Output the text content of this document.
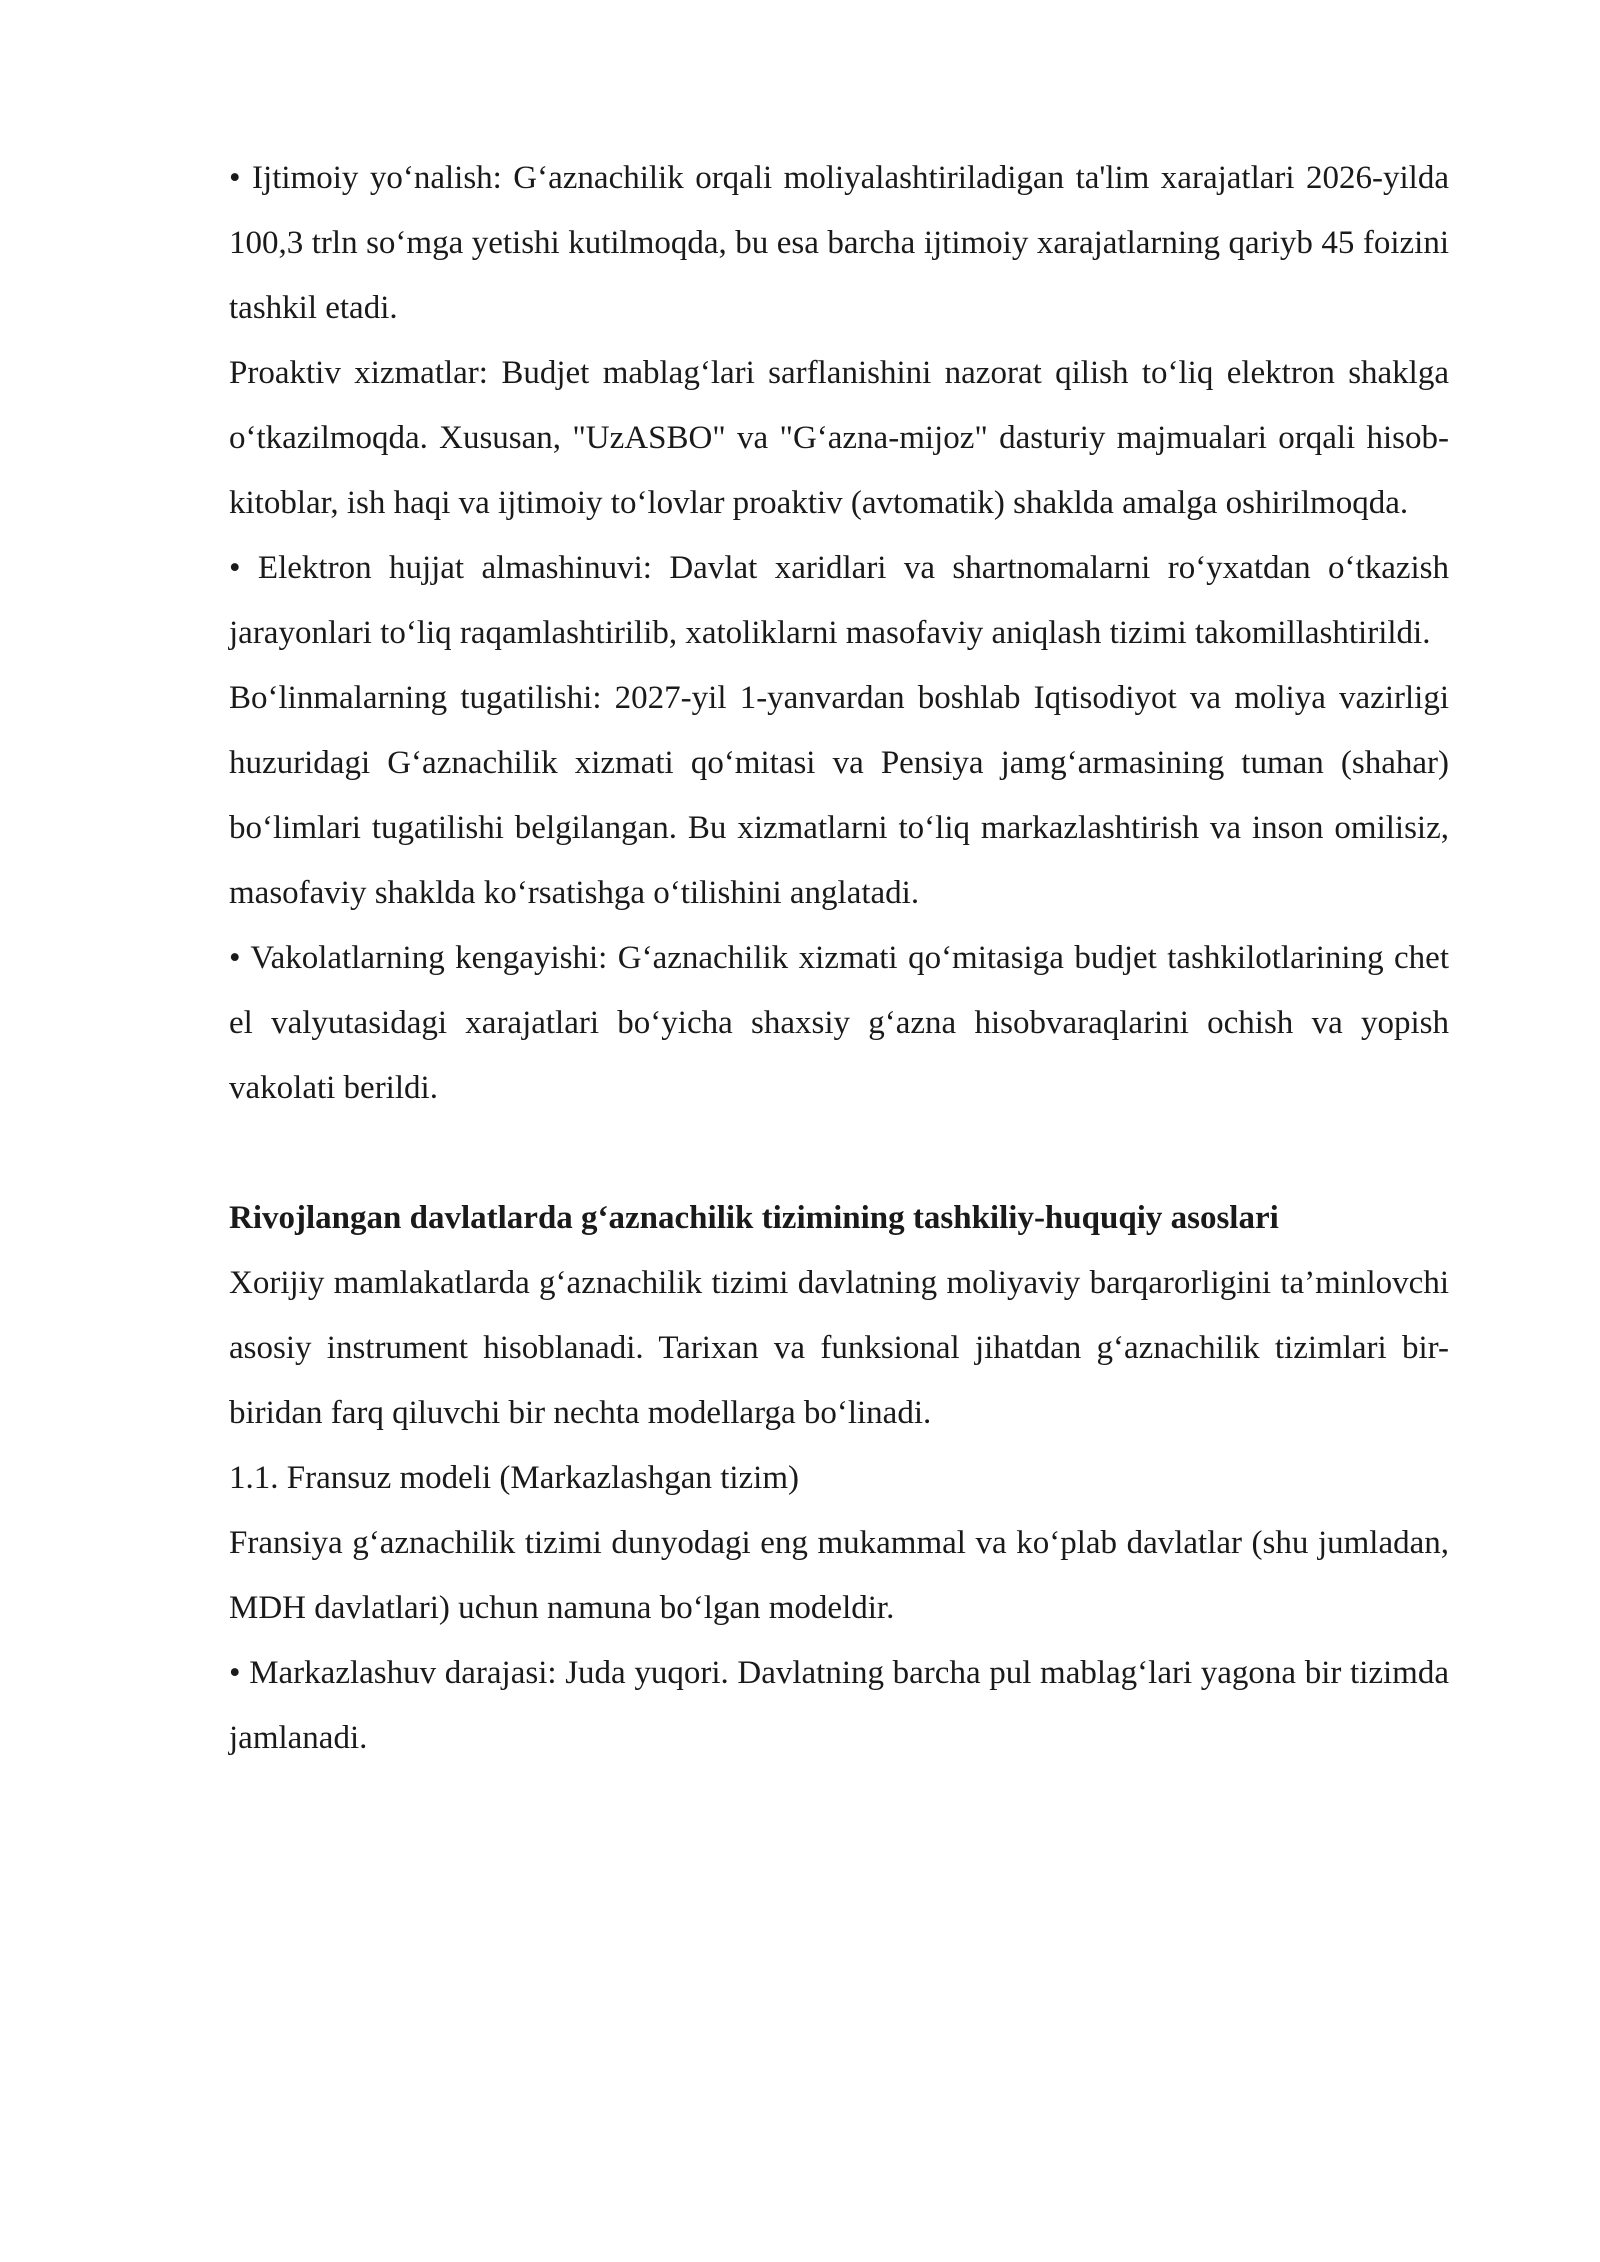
• Ijtimoiy yo‘nalish: G‘aznachilik orqali moliyalashtiriladigan ta'lim xarajatlari 2026-yilda 100,3 trln so‘mga yetishi kutilmoqda, bu esa barcha ijtimoiy xarajatlarning qariyb 45 foizini tashkil etadi.

Proaktiv xizmatlar: Budjet mablag‘lari sarflanishini nazorat qilish to‘liq elektron shaklga o‘tkazilmoqda. Xususan, "UzASBO" va "G‘azna-mijoz" dasturiy majmualari orqali hisob-kitoblar, ish haqi va ijtimoiy to‘lovlar proaktiv (avtomatik) shaklda amalga oshirilmoqda.

• Elektron hujjat almashinuvi: Davlat xaridlari va shartnomalarni ro‘yxatdan o‘tkazish jarayonlari to‘liq raqamlashtirilib, xatoliklarni masofaviy aniqlash tizimi takomillashtirildi.

Bo‘linmalarning tugatilishi: 2027-yil 1-yanvardan boshlab Iqtisodiyot va moliya vazirligi huzuridagi G‘aznachilik xizmati qo‘mitasi va Pensiya jamg‘armasining tuman (shahar) bo‘limlari tugatilishi belgilangan. Bu xizmatlarni to‘liq markazlashtirish va inson omilisiz, masofaviy shaklda ko‘rsatishga o‘tilishini anglatadi.

• Vakolatlarning kengayishi: G‘aznachilik xizmati qo‘mitasiga budjet tashkilotlarining chet el valyutasidagi xarajatlari bo‘yicha shaxsiy g‘azna hisobvaraqlarini ochish va yopish vakolati berildi.

Rivojlangan davlatlarda g‘aznachilik tizimining tashkiliy-huquqiy asoslari

Xorijiy mamlakatlarda g‘aznachilik tizimi davlatning moliyaviy barqarorligini ta’minlovchi asosiy instrument hisoblanadi. Tarixan va funksional jihatdan g‘aznachilik tizimlari bir-biridan farq qiluvchi bir nechta modellarga bo‘linadi.

1.1. Fransuz modeli (Markazlashgan tizim)

Fransiya g‘aznachilik tizimi dunyodagi eng mukammal va ko‘plab davlatlar (shu jumladan, MDH davlatlari) uchun namuna bo‘lgan modeldir.

• Markazlashuv darajasi: Juda yuqori. Davlatning barcha pul mablag‘lari yagona bir tizimda jamlanadi.
